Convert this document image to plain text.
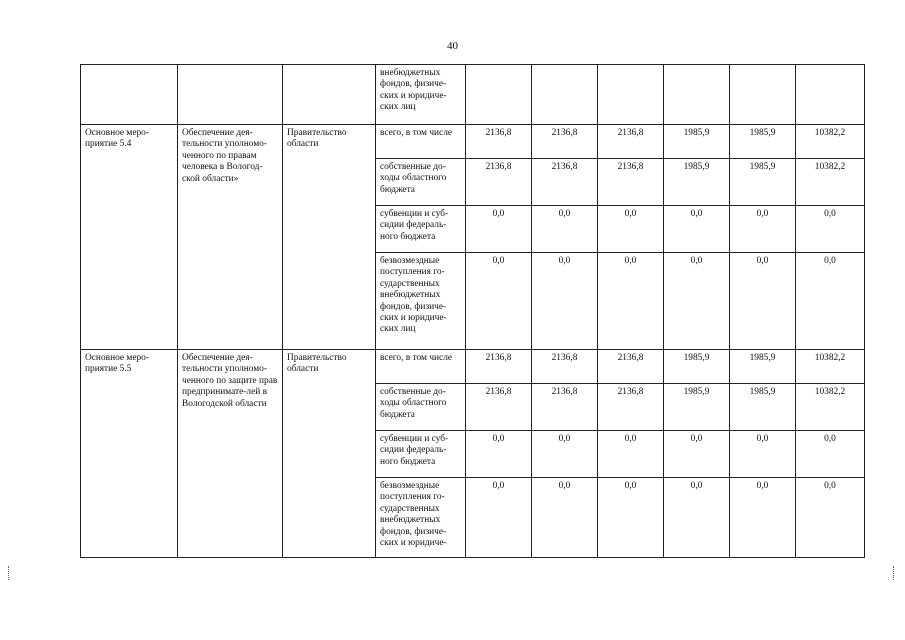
40
			внебюджетных фондов, физиче-ских и юридиче-ских лиц						
Основное меро-приятие 5.4	Обеспечение дея-тельности уполномо-ченного по правам человека в Вологод-ской области»	Правительство области	всего, в том числе	2136,8	2136,8	2136,8	1985,9	1985,9	10382,2
			собственные до-ходы областного бюджета	2136,8	2136,8	2136,8	1985,9	1985,9	10382,2
			субвенции и суб-сидии федераль-ного бюджета	0,0	0,0	0,0	0,0	0,0	0,0
			безвозмездные поступления го-сударственных внебюджетных фондов, физиче-ских и юридиче-ских лиц	0,0	0,0	0,0	0,0	0,0	0,0
Основное меро-приятие 5.5	Обеспечение дея-тельности уполномо-ченного по защите прав предпринимате-лей в Вологодской области	Правительство области	всего, в том числе	2136,8	2136,8	2136,8	1985,9	1985,9	10382,2
			собственные до-ходы областного бюджета	2136,8	2136,8	2136,8	1985,9	1985,9	10382,2
			субвенции и суб-сидии федераль-ного бюджета	0,0	0,0	0,0	0,0	0,0	0,0

			безвозмездные поступления го-сударственных внебюджетных фондов, физиче-ских и юридиче-	0,0	0,0	0,0	0,0	0,0	0,0
